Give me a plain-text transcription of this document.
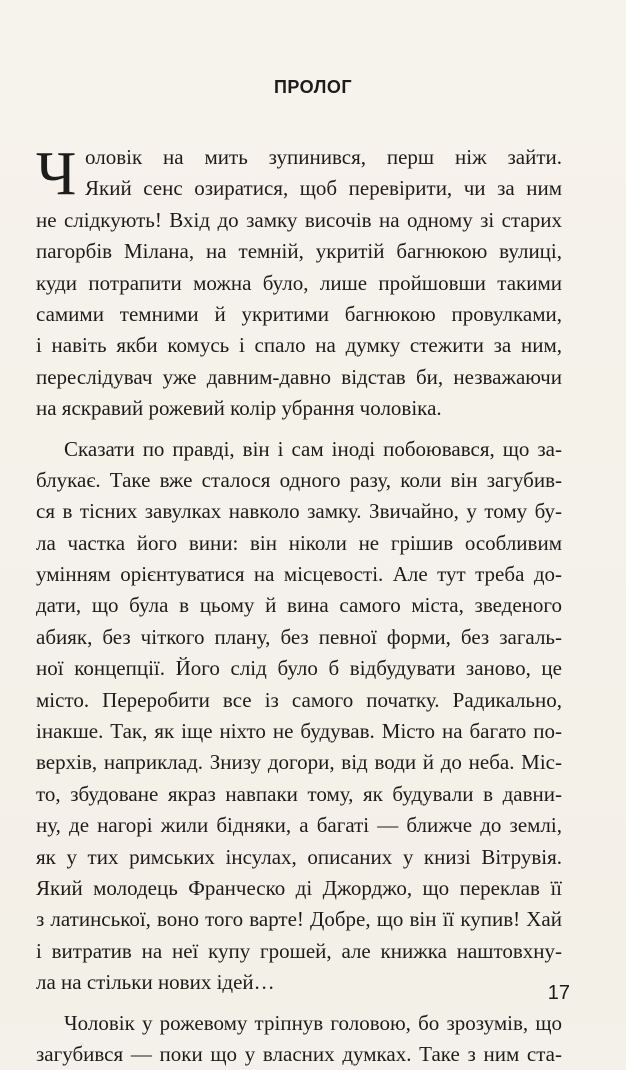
ПРОЛОГ
Ч оловік на мить зупинився, перш ніж зайти.
Який сенс озиратися, щоб перевірити, чи за ним
не слідкують! Вхід до замку височів на одному зі старих
пагорбів Мілана, на темній, укритій багнюкою вулиці,
куди потрапити можна було, лише пройшовши такими
самими темними й укритими багнюкою провулками,
і навіть якби комусь і спало на думку стежити за ним,
переслідувач уже давним-давно відстав би, незважаючи
на яскравий рожевий колір убрання чоловіка.
Сказати по правді, він і сам іноді побоювався, що за-
блукає. Таке вже сталося одного разу, коли він загубив-
ся в тісних завулках навколо замку. Звичайно, у тому бу-
ла частка його вини: він ніколи не грішив особливим
умінням орієнтуватися на місцевості. Але тут треба до-
дати, що була в цьому й вина самого міста, зведеного
абияк, без чіткого плану, без певної форми, без загаль-
ної концепції. Його слід було б відбудувати заново, це
місто. Переробити все із самого початку. Радикально,
інакше. Так, як іще ніхто не будував. Місто на багато по-
верхів, наприклад. Знизу догори, від води й до неба. Міс-
то, збудоване якраз навпаки тому, як будували в давни-
ну, де нагорі жили бідняки, а багаті — ближче до землі,
як у тих римських інсулах, описаних у книзі Вітрувія.
Який молодець Франческо ді Джорджо, що переклав її
з латинської, воно того варте! Добре, що він її купив! Хай
і витратив на неї купу грошей, але книжка наштовхну-
ла на стільки нових ідей…
Чоловік у рожевому тріпнув головою, бо зрозумів, що
загубився — поки що у власних думках. Таке з ним ста-
17
